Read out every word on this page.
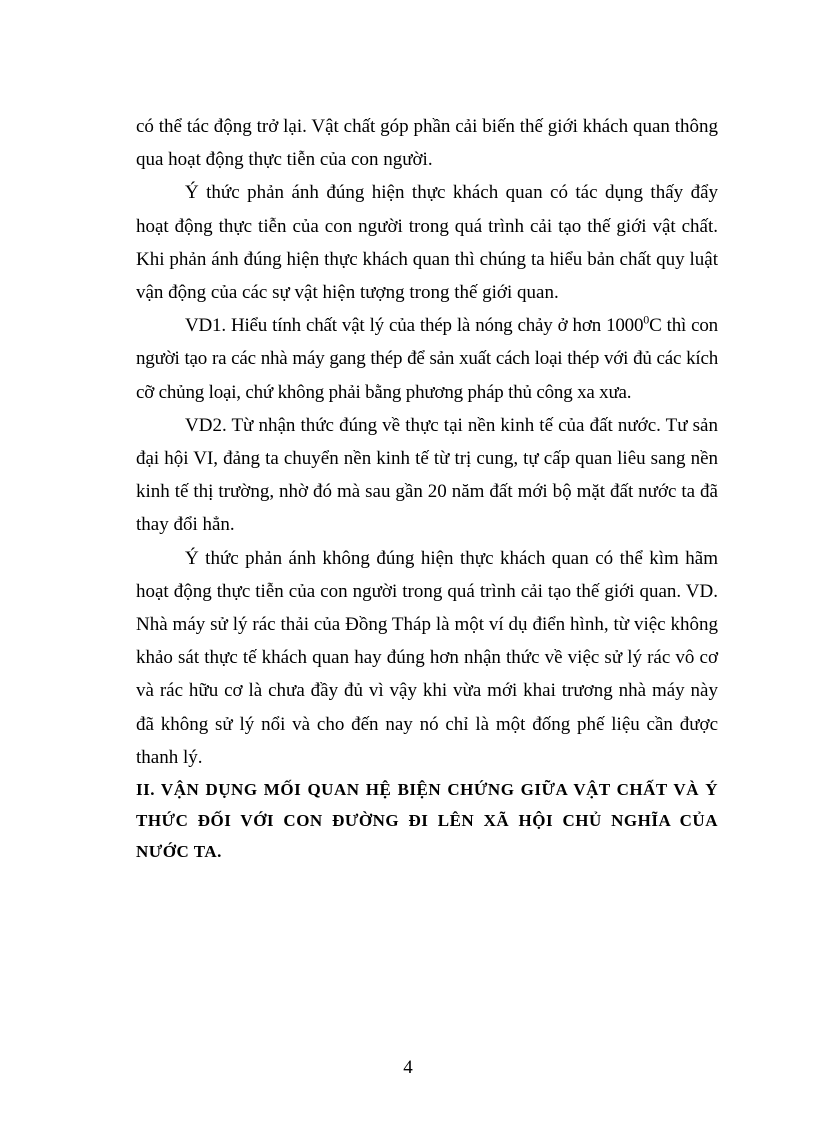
có thể tác động trở lại. Vật chất góp phần cải biến thế giới khách quan thông qua hoạt động thực tiễn của con người.

Ý thức phản ánh đúng hiện thực khách quan có tác dụng thấy đẩy hoạt động thực tiễn của con người trong quá trình cải tạo thế giới vật chất. Khi phản ánh đúng hiện thực khách quan thì chúng ta hiểu bản chất quy luật vận động của các sự vật hiện tượng trong thế giới quan.

VD1. Hiểu tính chất vật lý của thép là nóng chảy ở hơn 1000$^0$C thì con người tạo ra các nhà máy gang thép để sản xuất cách loại thép với đủ các kích cỡ chủng loại, chứ không phải bằng phương pháp thủ công xa xưa.

VD2. Từ nhận thức đúng về thực tại nền kinh tế của đất nước. Tư sản đại hội VI, đảng ta chuyển nền kinh tế từ trị cung, tự cấp quan liêu sang nền kinh tế thị trường, nhờ đó mà sau gần 20 năm đất mới bộ mặt đất nước ta đã thay đổi hẳn.

Ý thức phản ánh không đúng hiện thực khách quan có thể kìm hãm hoạt động thực tiễn của con người trong quá trình cải tạo thế giới quan. VD. Nhà máy sử lý rác thải của Đồng Tháp là một ví dụ điển hình, từ việc không khảo sát thực tế khách quan hay đúng hơn nhận thức về việc sử lý rác vô cơ và rác hữu cơ là chưa đầy đủ vì vậy khi vừa mới khai trương nhà máy này đã không sử lý nổi và cho đến nay nó chỉ là một đống phế liệu cần được thanh lý.

II. VẬN DỤNG MỐI QUAN HỆ BIỆN CHỨNG GIỮA VẬT CHẤT VÀ Ý THỨC ĐỐI VỚI CON ĐƯỜNG ĐI LÊN XÃ HỘI CHỦ NGHĨA CỦA NƯỚC TA.

4
